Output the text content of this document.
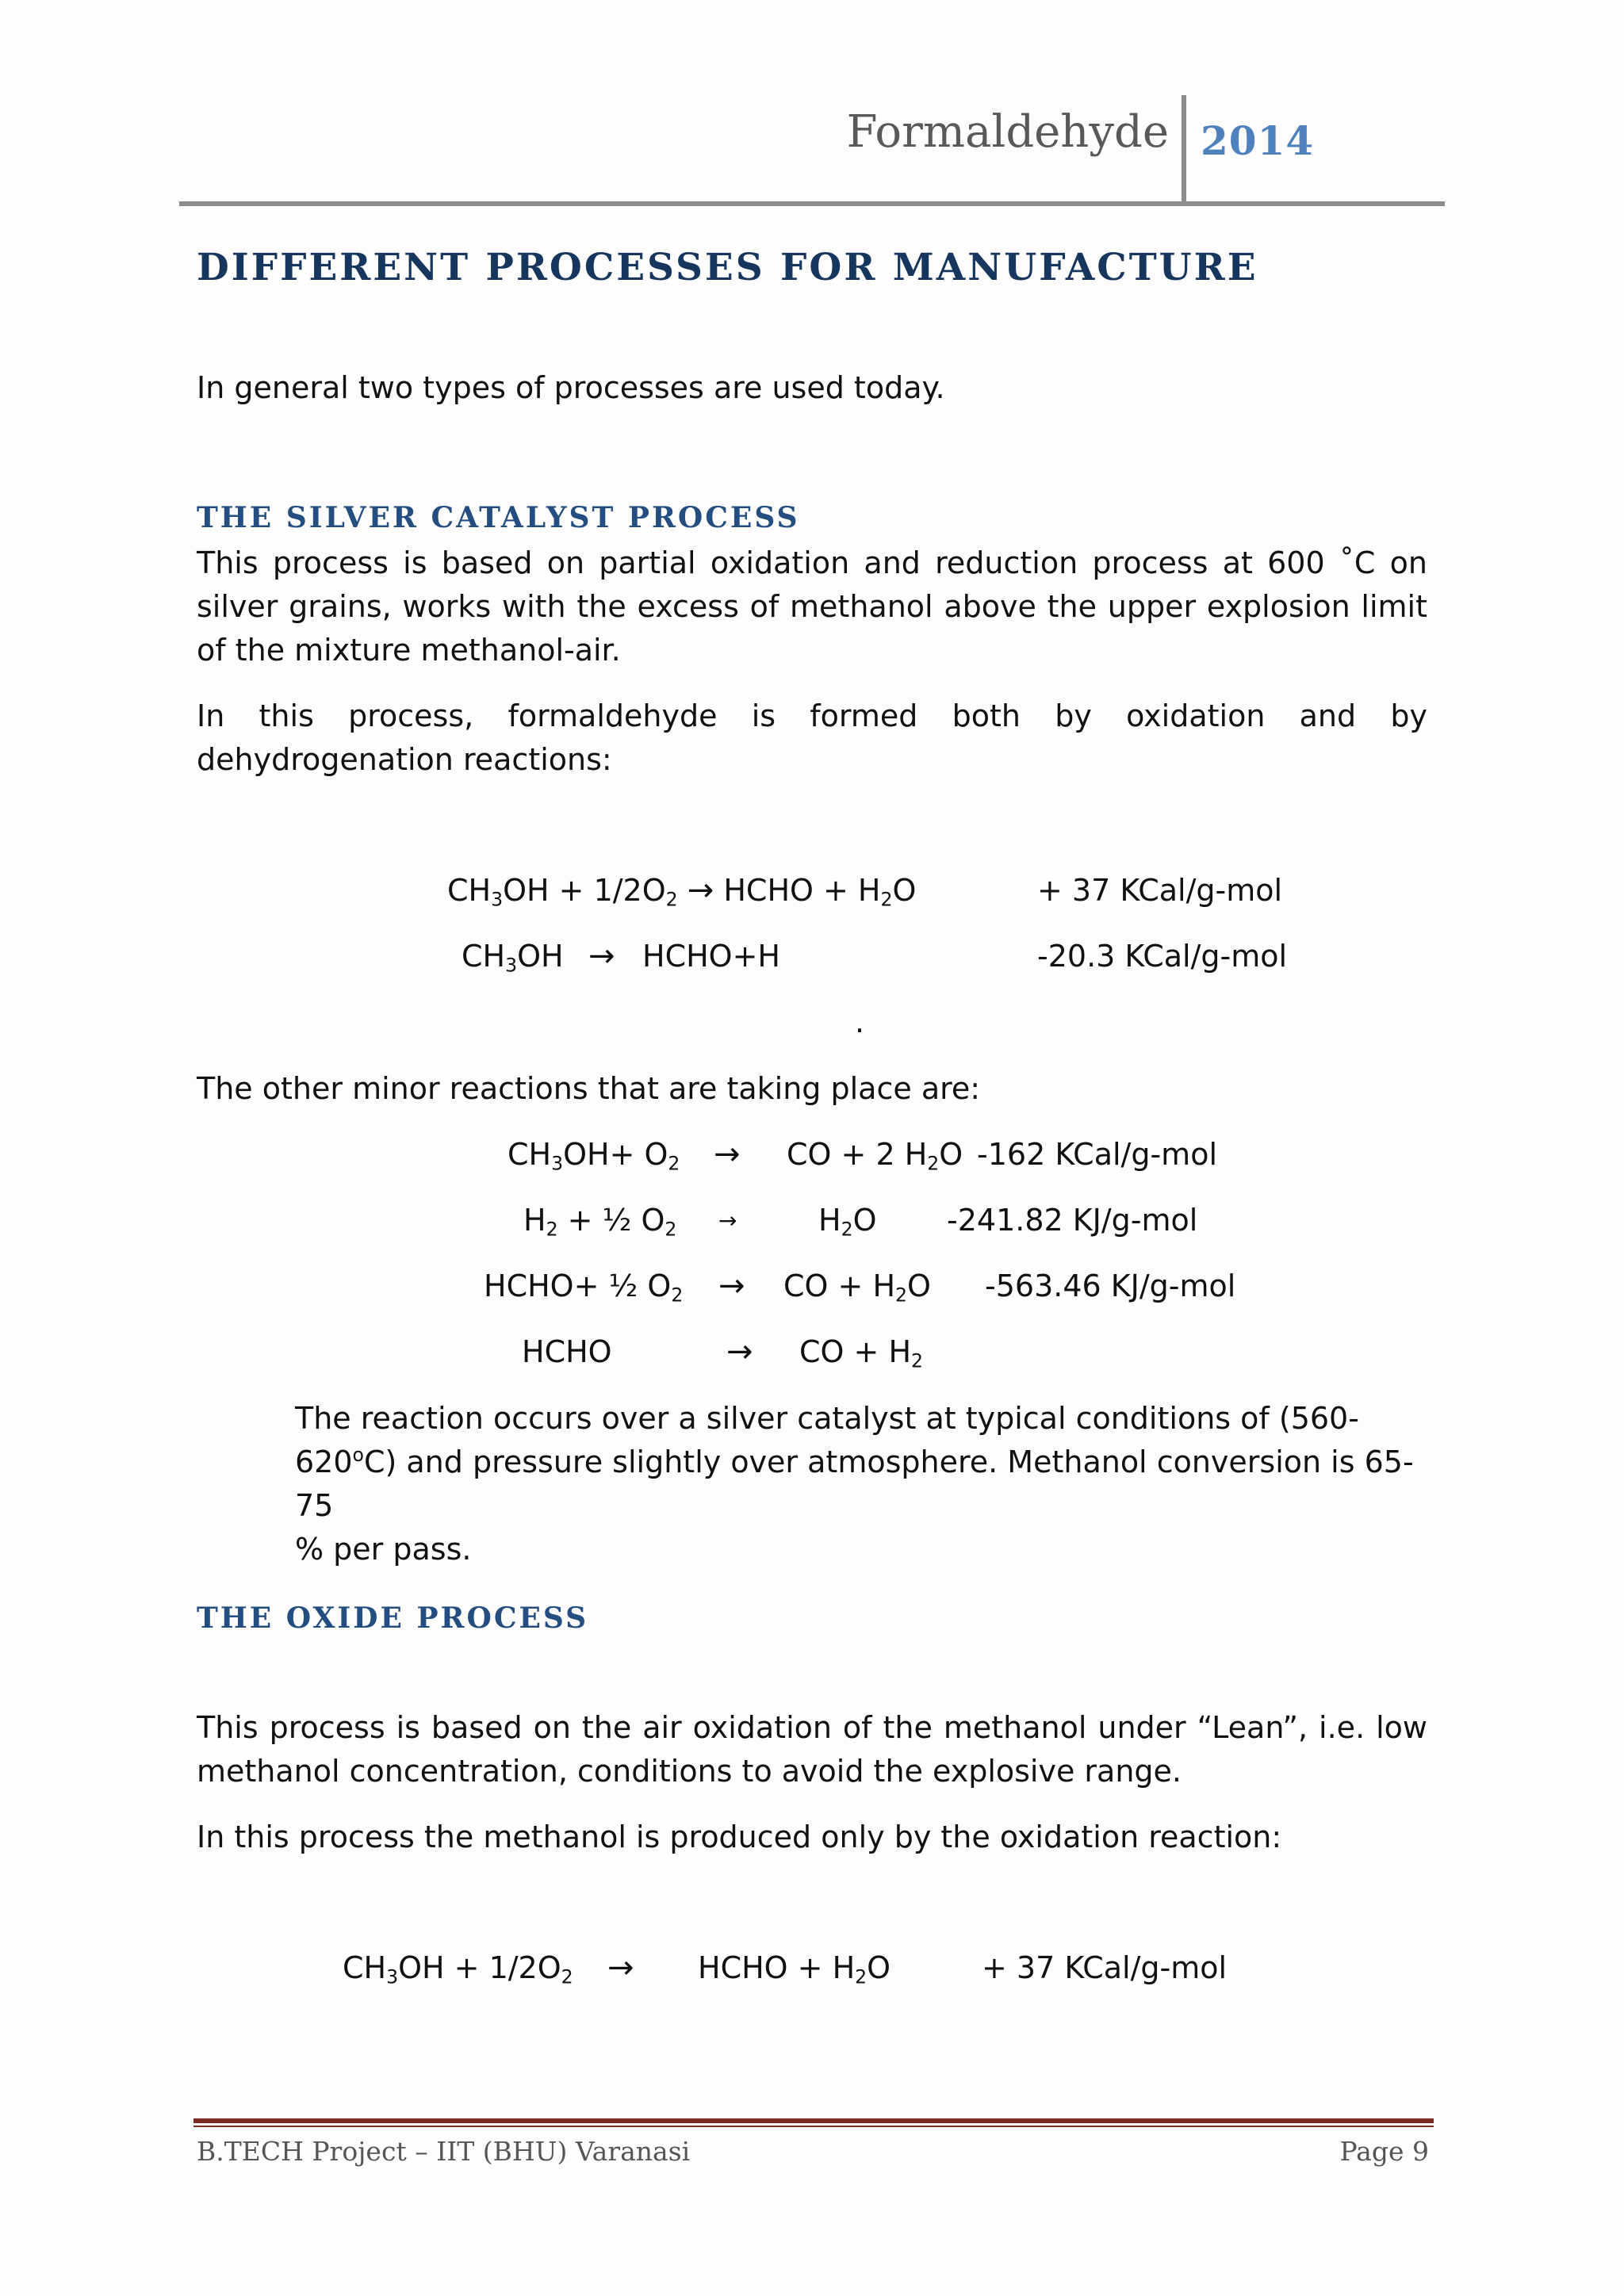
Formaldehyde 2014
DIFFERENT PROCESSES FOR MANUFACTURE
In general two types of processes are used today.
THE SILVER CATALYST PROCESS
This process is based on partial oxidation and reduction process at 600 ˚C on silver grains, works with the excess of methanol above the upper explosion limit of the mixture methanol-air.
In this process, formaldehyde is formed both by oxidation and by dehydrogenation reactions:
$CH_3OH + 1/2O_2$ → HCHO + $H_2O$	+ 37 KCal/g-mol
$CH_3OH$ → HCHO+H	-20.3 KCal/g-mol
.
The other minor reactions that are taking place are:
$CH_3OH+ O_2$ → CO + 2 $H_2O$ -162 KCal/g-mol
$H_2$ + ½ $O_2$ →	$H_2O$ -241.82 KJ/g-mol
HCHO+ ½ $O_2$ → CO + $H_2O$ -563.46 KJ/g-mol
HCHO	→ CO + $H_2$
The reaction occurs over a silver catalyst at typical conditions of (560-
620$^o$C) and pressure slightly over atmosphere. Methanol conversion is 65- 75
% per pass.
THE OXIDE PROCESS
This process is based on the air oxidation of the methanol under “Lean”, i.e. low methanol concentration, conditions to avoid the explosive range.
In this process the methanol is produced only by the oxidation reaction:
$CH_3OH + 1/2O_2$ → HCHO + $H_2O$	+ 37 KCal/g-mol
B.TECH Project – IIT (BHU) Varanasi	Page 9
